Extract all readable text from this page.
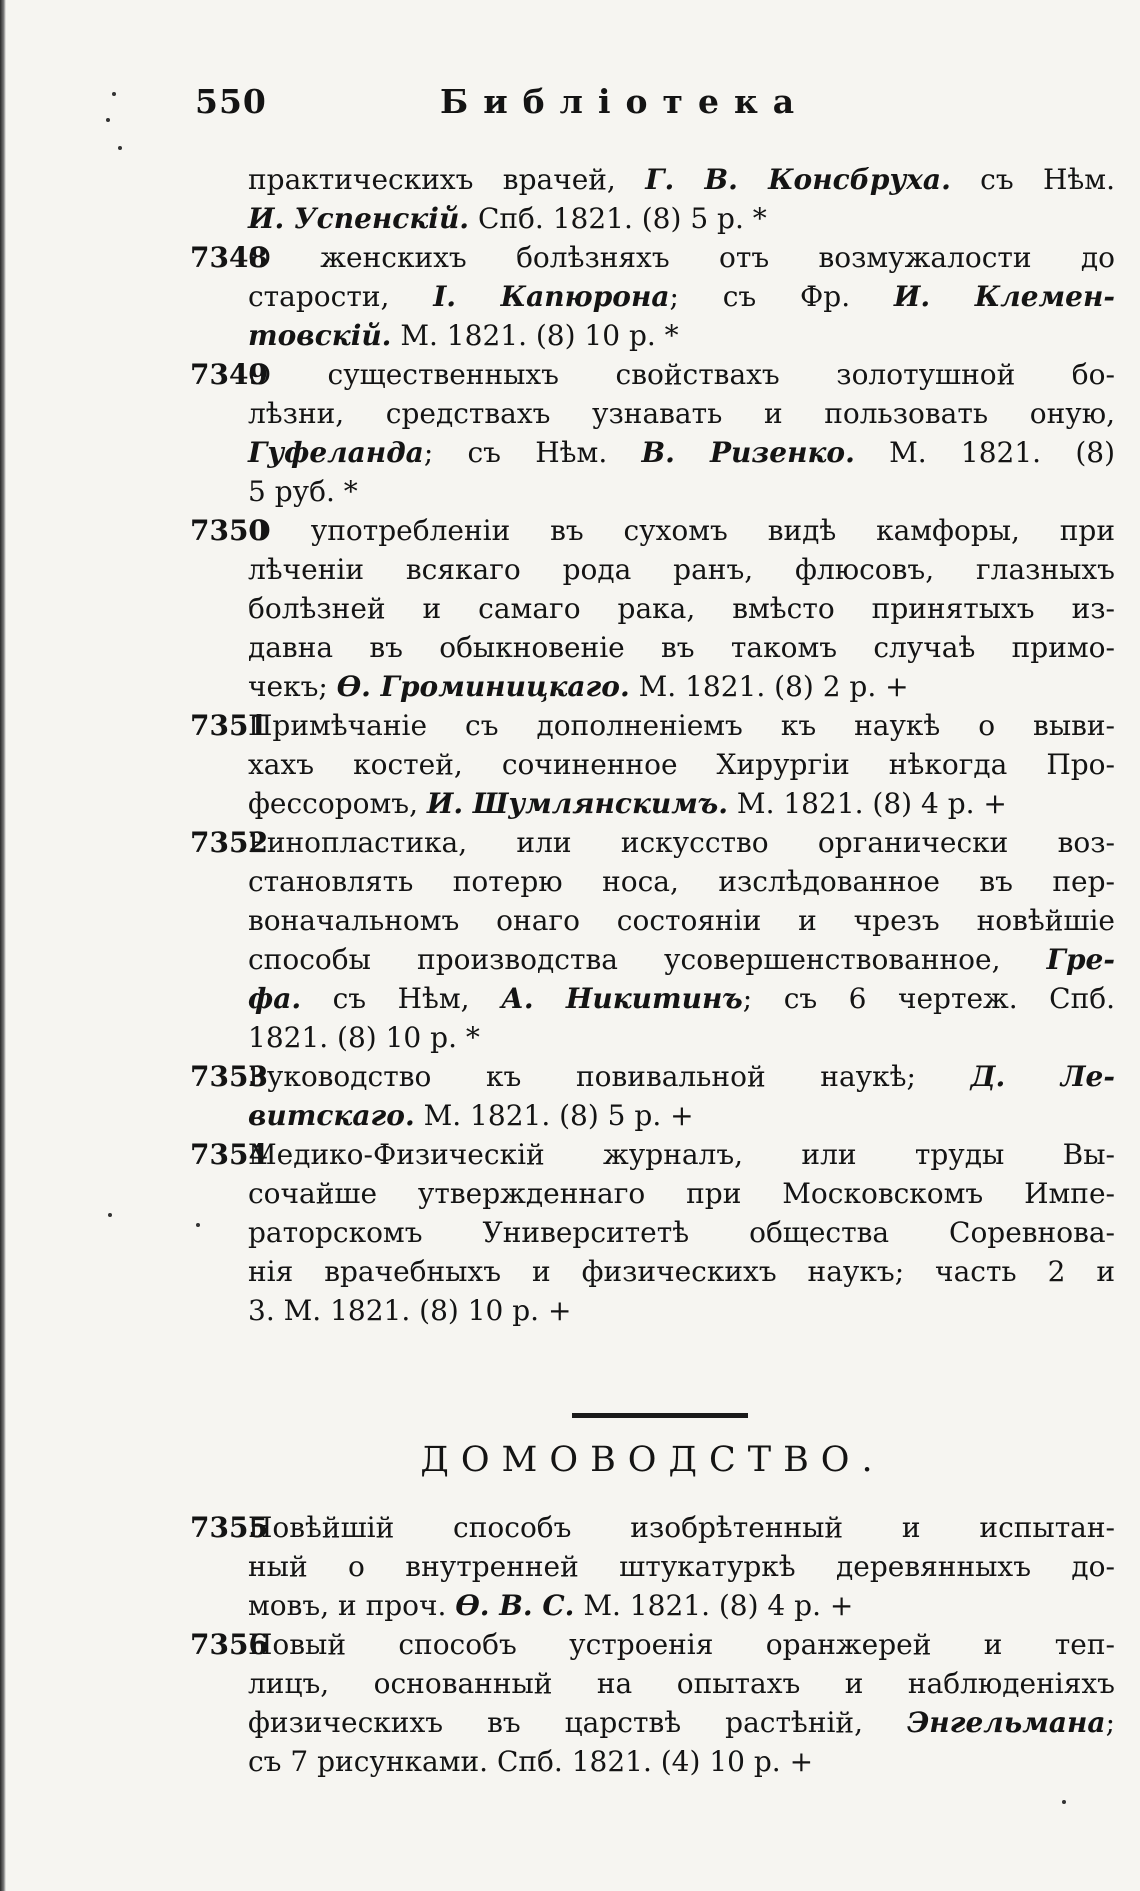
550	Библіотека
практическихъ врачей, Г. В. Консбруха. съ Нѣм.
И. Успенскій. Спб. 1821. (8) 5 р. *
7348
О женскихъ болѣзняхъ отъ возмужалости до
старости, І. Капюрона; съ Фр. И. Клемен-
товскій. М. 1821. (8) 10 р. *
7349
О существенныхъ свойствахъ золотушной бо-
лѣзни, средствахъ узнавать и пользовать оную,
Гуфеланда; съ Нѣм. В. Ризенко. М. 1821. (8)
5 руб. *
7350
О употребленіи въ сухомъ видѣ камфоры, при
лѣченіи всякаго рода ранъ, флюсовъ, глазныхъ
болѣзней и самаго рака, вмѣсто принятыхъ из-
давна въ обыкновеніе въ такомъ случаѣ примо-
чекъ; Ѳ. Громиницкаго. М. 1821. (8) 2 р. +
7351
Примѣчаніе съ дополненіемъ къ наукѣ о выви-
хахъ костей, сочиненное Хирургіи нѣкогда Про-
фессоромъ, И. Шумлянскимъ. М. 1821. (8) 4 р. +
7352
Ринопластика, или искусство органически воз-
становлять потерю носа, изслѣдованное въ пер-
воначальномъ онаго состояніи и чрезъ новѣйшіе
способы производства усовершенствованное, Гре-
фа. съ Нѣм, А. Никитинъ; съ 6 чертеж. Спб.
1821. (8) 10 р. *
7353
Руководство къ повивальной наукѣ; Д. Ле-
витскаго. М. 1821. (8) 5 р. +
7354
Медико-Физическій журналъ, или труды Вы-
сочайше утвержденнаго при Московскомъ Импе-
раторскомъ Университетѣ общества Соревнова-
нія врачебныхъ и физическихъ наукъ; часть 2 и
3. М. 1821. (8) 10 р. +
ДОМОВОДСТВО.
7355
Новѣйшій способъ изобрѣтенный и испытан-
ный о внутренней штукатуркѣ деревянныхъ до-
мовъ, и проч. Ѳ. В. С. М. 1821. (8) 4 р. +
7356
Новый способъ устроенія оранжерей и теп-
лицъ, основанный на опытахъ и наблюденіяхъ
физическихъ въ царствѣ растѣній, Энгельмана;
съ 7 рисунками. Спб. 1821. (4) 10 р. +
